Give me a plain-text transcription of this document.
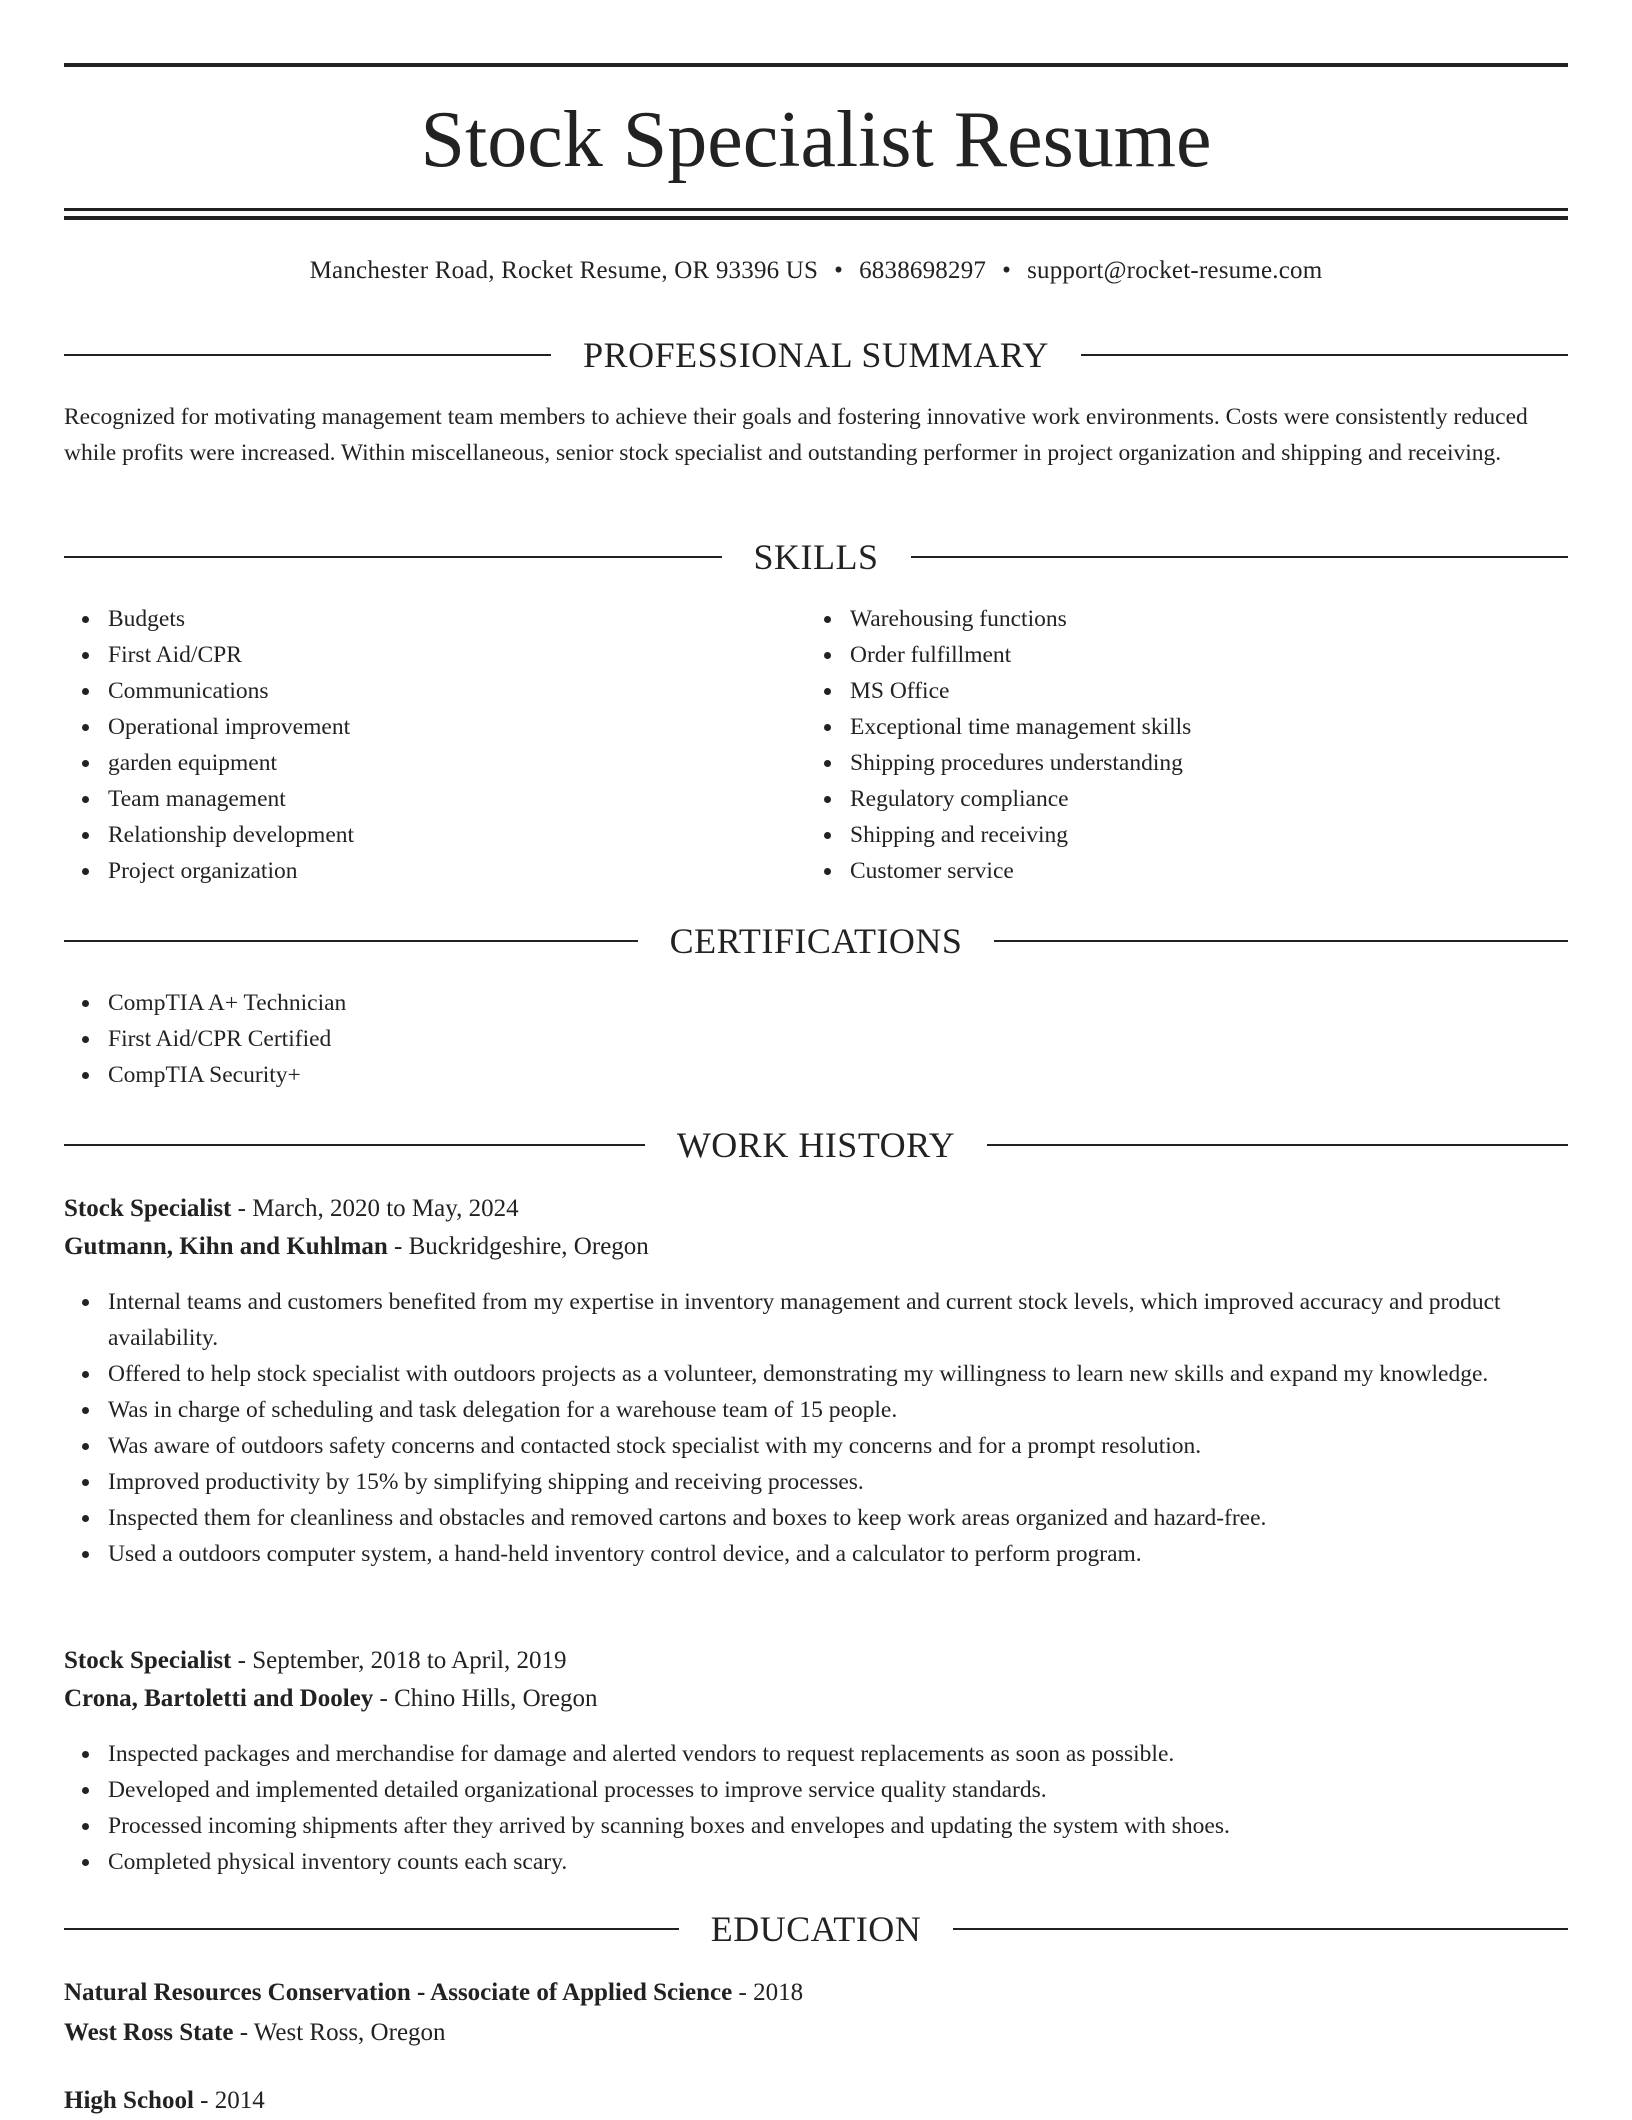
Stock Specialist Resume
Manchester Road, Rocket Resume, OR 93396 US • 6838698297 • support@rocket-resume.com
PROFESSIONAL SUMMARY

Recognized for motivating management team members to achieve their goals and fostering innovative work environments. Costs were consistently reduced while profits were increased. Within miscellaneous, senior stock specialist and outstanding performer in project organization and shipping and receiving.

SKILLS
Budgets
First Aid/CPR
Communications
Operational improvement
garden equipment
Team management
Relationship development
Project organization
Warehousing functions
Order fulfillment
MS Office
Exceptional time management skills
Shipping procedures understanding
Regulatory compliance
Shipping and receiving
Customer service
CERTIFICATIONS
CompTIA A+ Technician
First Aid/CPR Certified
CompTIA Security+
WORK HISTORY
Stock Specialist - March, 2020 to May, 2024
Gutmann, Kihn and Kuhlman - Buckridgeshire, Oregon
Internal teams and customers benefited from my expertise in inventory management and current stock levels, which improved accuracy and product availability.
Offered to help stock specialist with outdoors projects as a volunteer, demonstrating my willingness to learn new skills and expand my knowledge.
Was in charge of scheduling and task delegation for a warehouse team of 15 people.
Was aware of outdoors safety concerns and contacted stock specialist with my concerns and for a prompt resolution.
Improved productivity by 15% by simplifying shipping and receiving processes.
Inspected them for cleanliness and obstacles and removed cartons and boxes to keep work areas organized and hazard-free.
Used a outdoors computer system, a hand-held inventory control device, and a calculator to perform program.
Stock Specialist - September, 2018 to April, 2019
Crona, Bartoletti and Dooley - Chino Hills, Oregon
Inspected packages and merchandise for damage and alerted vendors to request replacements as soon as possible.
Developed and implemented detailed organizational processes to improve service quality standards.
Processed incoming shipments after they arrived by scanning boxes and envelopes and updating the system with shoes.
Completed physical inventory counts each scary.
EDUCATION
Natural Resources Conservation - Associate of Applied Science - 2018
West Ross State - West Ross, Oregon
High School - 2014
